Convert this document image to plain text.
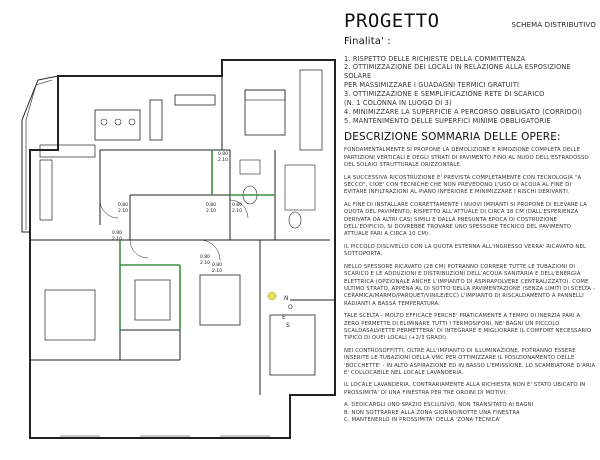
0.80
2.10
0.80
2.10
0.80
2.10
0.80
2.10
0.80
2.10
0.80
2.10 0.80
2.10
N
O
E
S
PROGETTO	SCHEMA DISTRIBUTIVO
Finalita' :
1. RISPETTO DELLE RICHIESTE DELLA COMMITTENZA
2. OTTIMIZZAZIONE DEI LOCALI IN RELAZIONE ALLA ESPOSIZIONE SOLARE
PER MASSIMIZZARE I GUADAGNI TERMICI GRATUITI
3. OTTIMIZZAZIONE E SEMPLIFICAZIONE RETE DI SCARICO
(N. 1 COLONNA IN LUOGO DI 3)
4. MINIMIZZARE LA SUPERFICIE A PERCORSO OBBLIGATO (CORRIDOI)
5. MANTENIMENTO DELLE SUPERFICI MINIME OBBLIGATORIE
DESCRIZIONE SOMMARIA DELLE OPERE:

FONDAMENTALMENTE SI PROPONE LA DEMOLIZIONE E RIMOZIONE COMPLETA DELLE PARTIZIONI VERTICALI E DEGLI STRATI DI PAVIMENTO FINO AL NUDO DELL'ESTRADOSSO DEL SOLAIO STRUTTURALE ORIZZONTALE.

LA SUCCESSIVA RICOSTRUZIONE E' PREVISTA COMPLETAMENTE CON TECNOLOGIA "A SECCO", CIOE' CON TECNICHE CHE NON PREVEDONO L'USO DI ACQUA AL FINE DI EVITARE INFILTRAZIONI AL PIANO INFERIORE E MINIMIZZARE I RISCHI DERIVANTI.

AL FINE DI INSTALLARE CORRETTAMENTE I NUOVI IMPIANTI SI PROPONE DI ELEVARE LA QUOTA DEL PAVIMENTO, RISPETTO ALL'ATTUALE DI CIRCA 18 CM (DALL'ESPERIENZA DERIVATA DA ALTRI CASI SIMILI E DALLA PRESUNTA EPOCA DI COSTRUZIONE DELL'EDIFICIO, SI DOVREBBE TROVARE UNO SPESSORE TECNICO DEL PAVIMENTO ATTUALE PARI A CIRCA 10 CM).

IL PICCOLO DISLIVELLO CON LA QUOTA ESTERNA ALL'INGRESSO VERRA' RICAVATO NEL SOTTOPORTA.

NELLO SPESSORE RICAVATO (28 CM) POTRANNO CORRERE TUTTE LE TUBAZIONI DI SCARICO E LE ADDUZIONI E DISTRIBUZIONI DELL'ACQUA SANITARIA E DELL'ENERGIA ELETTRICA (OPZIONALE ANCHE L'IMPIANTO DI ASPIRAPOLVERE CENTRALIZZATO). COME ULTIMO STRATO, APPENA AL DI SOTTO DELLA PAVIMENTAZIONE (SENZA LIMITI DI SCELTA - CERAMICA/MARMO/PARQUET/VINILE/ECC) L'IMPIANTO DI RISCALDAMENTO A PANNELLI RADIANTI A BASSA TEMPERATURA.

TALE SCELTA - MOLTO EFFICACE PERCHE' PRATICAMENTE A TEMPO DI INERZIA PARI A ZERO PERMETTE DI ELIMINARE TUTTI I TERMOSIFONI. NE' BAGNI UN PICCOLO SCALDASALVIETTE PERMETTERA' DI INTEGRARE E MIGLIORARE IL COMFORT NECESSARIO TIPICO DI QUEI LOCALI (+2/3 GRADI).

NEI CONTROSOFFITTI, OLTRE ALL'IMPIANTO DI ILLUMINAZIONE, POTRANNO ESSERE INSERITE LE TUBAZIONI DELLA VMC PER OTTIMIZZARE IL POSIZIONAMENTO DELLE 'BOCCHETTE' - IN ALTO ASPIRAZIONE ED IN BASSO L'EMISSIONE. LO SCAMBIATORE D'ARIA E' COLLOCABILE NEL LOCALE LAVANDERIA.

IL LOCALE LAVANDERIA, CONTRARIAMENTE ALLA RICHIESTA NON E' STATO UBICATO IN PROSSIMITA' DI UNA FINESTRA PER TRE ORDINI DI MOTIVI:

A. DEDICARGLI UNO SPAZIO ESCLUSIVO, NON TRANSITATO AI BAGNI
B. NON SOTTRARRE ALLA ZONA GIORNO/NOTTE UNA FINESTRA
C. MANTENERLO IN PROSSIMITA' DELLA 'ZONA TECNICA'
